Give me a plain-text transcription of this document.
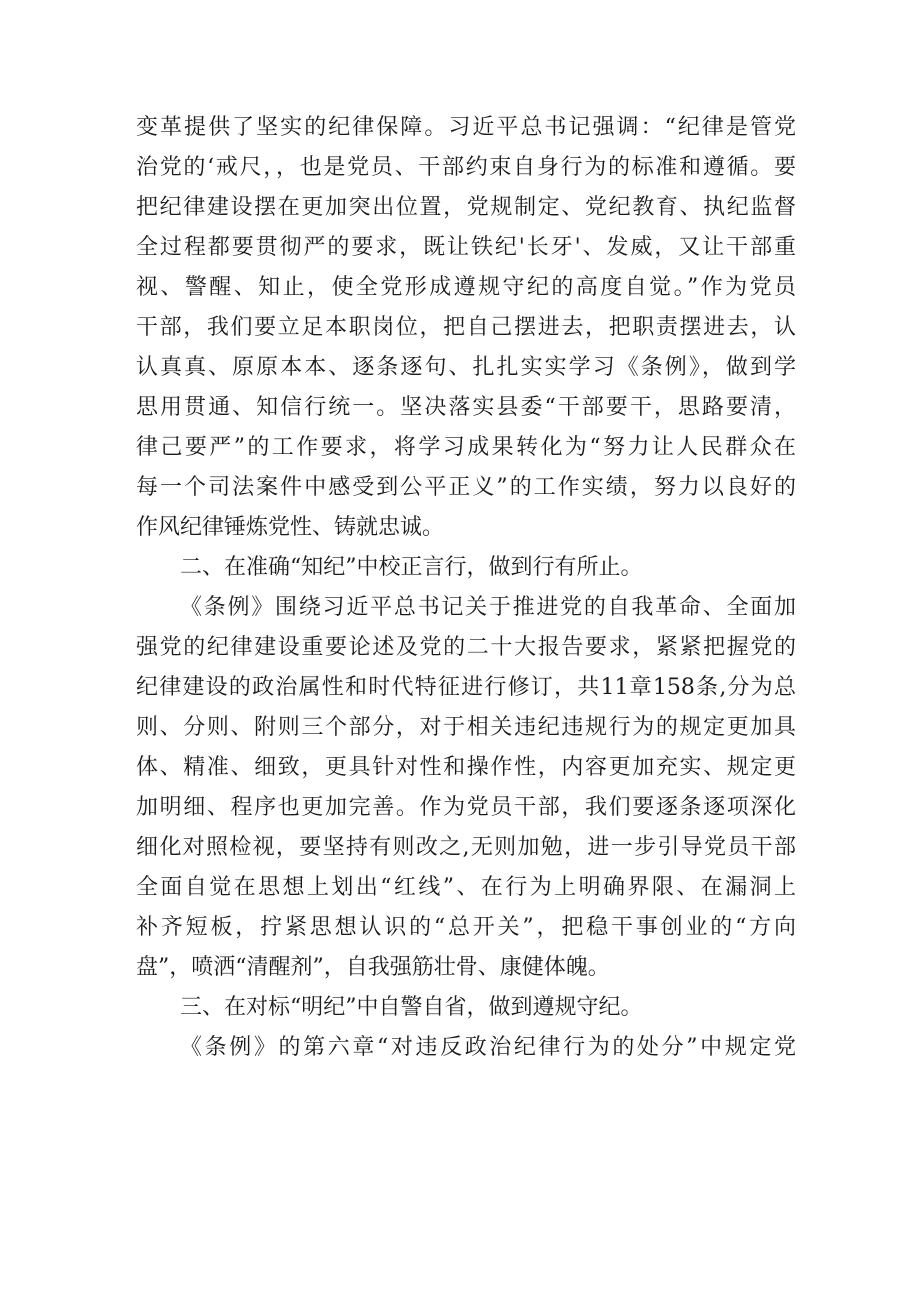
变革提供了坚实的纪律保障。习近平总书记强调：“纪律是管党
治党的‘戒尺，，也是党员、干部约束自身行为的标准和遵循。要
把纪律建设摆在更加突出位置，党规制定、党纪教育、执纪监督
全过程都要贯彻严的要求，既让铁纪'长牙'、发威，又让干部重
视、警醒、知止，使全党形成遵规守纪的高度自觉。”作为党员
干部，我们要立足本职岗位，把自己摆进去，把职责摆进去，认
认真真、原原本本、逐条逐句、扎扎实实学习《条例》，做到学
思用贯通、知信行统一。坚决落实县委“干部要干，思路要清，
律己要严”的工作要求，将学习成果转化为“努力让人民群众在
每一个司法案件中感受到公平正义”的工作实绩，努力以良好的
作风纪律锤炼党性、铸就忠诚。
二、在准确“知纪”中校正言行，做到行有所止。
《条例》围绕习近平总书记关于推进党的自我革命、全面加
强党的纪律建设重要论述及党的二十大报告要求，紧紧把握党的
纪律建设的政治属性和时代特征进行修订，共11章158条,分为总
则、分则、附则三个部分，对于相关违纪违规行为的规定更加具
体、精准、细致，更具针对性和操作性，内容更加充实、规定更
加明细、程序也更加完善。作为党员干部，我们要逐条逐项深化
细化对照检视，要坚持有则改之,无则加勉，进一步引导党员干部
全面自觉在思想上划出“红线”、在行为上明确界限、在漏洞上
补齐短板，拧紧思想认识的“总开关”，把稳干事创业的“方向
盘”，喷洒“清醒剂”，自我强筋壮骨、康健体魄。
三、在对标“明纪”中自警自省，做到遵规守纪。
《条例》的第六章“对违反政治纪律行为的处分”中规定党
